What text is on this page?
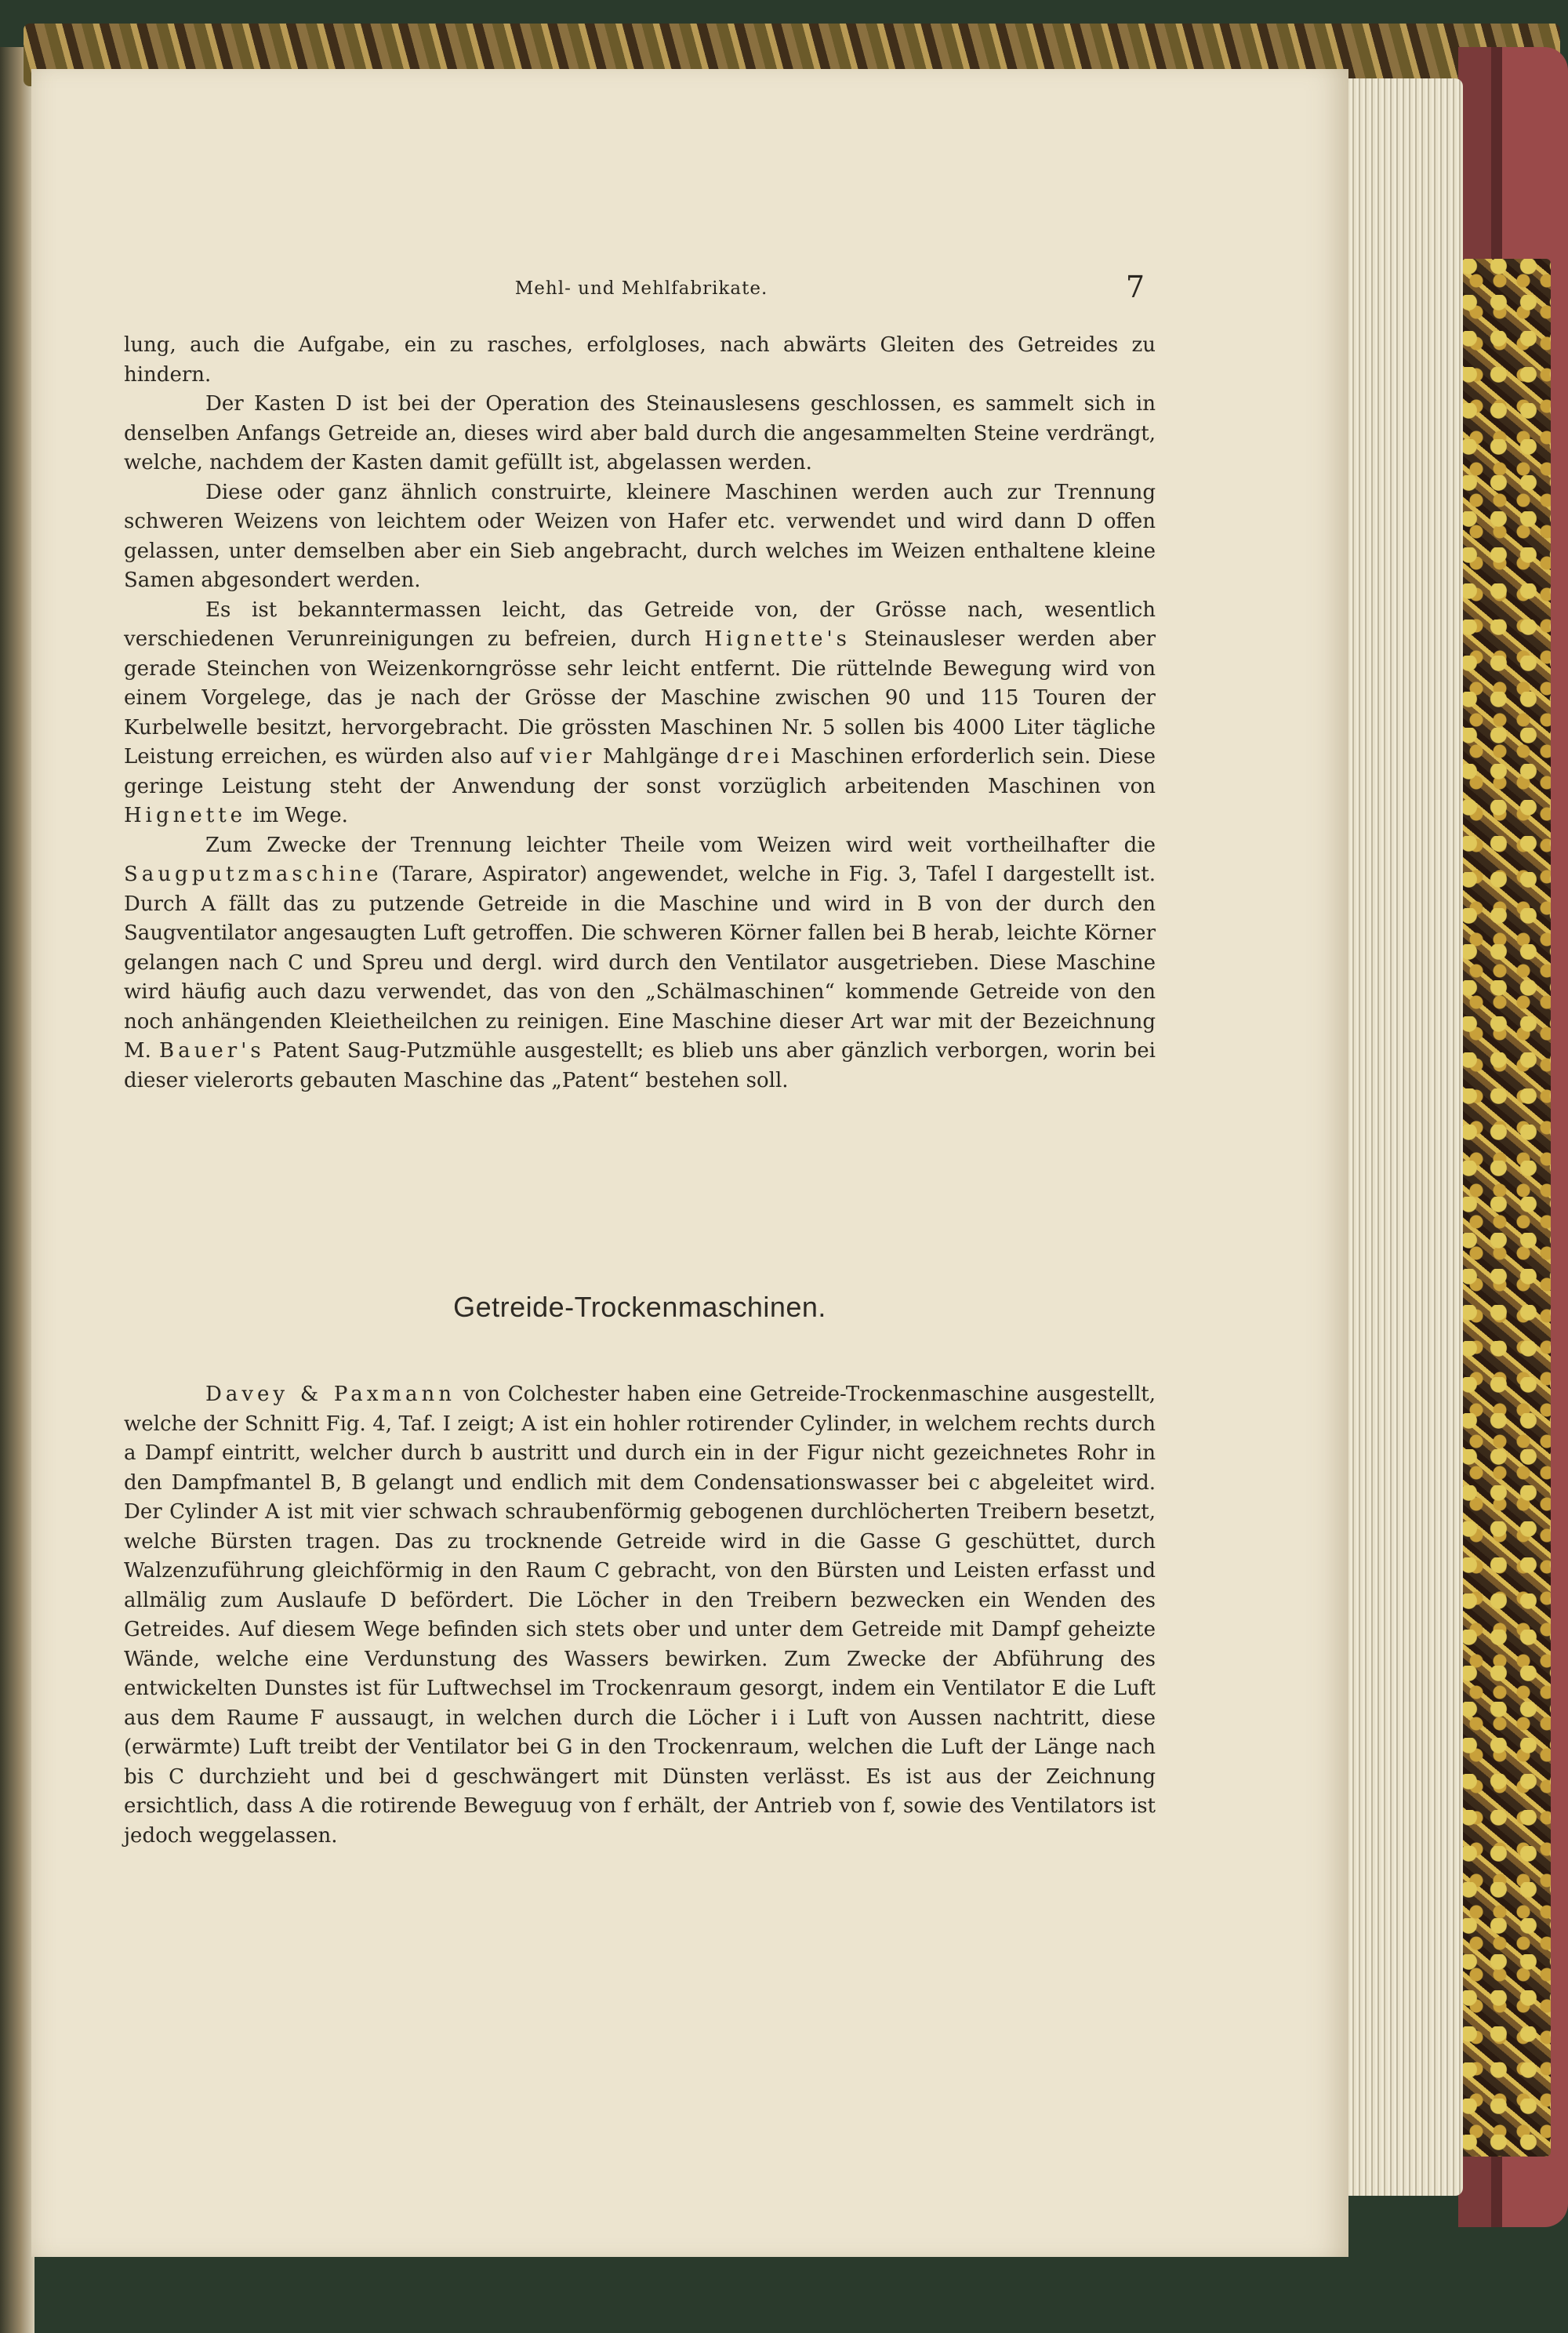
Mehl- und Mehlfabrikate.	7

lung, auch die Aufgabe, ein zu rasches, erfolgloses, nach abwärts Gleiten des Getreides zu hindern.

Der Kasten D ist bei der Operation des Steinauslesens geschlossen, es sammelt sich in denselben Anfangs Getreide an, dieses wird aber bald durch die angesammelten Steine verdrängt, welche, nachdem der Kasten damit gefüllt ist, abgelassen werden.

Diese oder ganz ähnlich construirte, kleinere Maschinen werden auch zur Trennung schweren Weizens von leichtem oder Weizen von Hafer etc. verwendet und wird dann D offen gelassen, unter demselben aber ein Sieb angebracht, durch welches im Weizen enthaltene kleine Samen abgesondert werden.

Es ist bekanntermassen leicht, das Getreide von, der Grösse nach, wesentlich verschiedenen Verunreinigungen zu befreien, durch Hignette's Steinausleser werden aber gerade Steinchen von Weizenkorngrösse sehr leicht entfernt. Die rüttelnde Bewegung wird von einem Vorgelege, das je nach der Grösse der Maschine zwischen 90 und 115 Touren der Kurbelwelle besitzt, hervorgebracht. Die grössten Maschinen Nr. 5 sollen bis 4000 Liter tägliche Leistung erreichen, es würden also auf vier Mahlgänge drei Maschinen erforderlich sein. Diese geringe Leistung steht der Anwendung der sonst vorzüglich arbeitenden Maschinen von Hignette im Wege.

Zum Zwecke der Trennung leichter Theile vom Weizen wird weit vortheilhafter die Saugputzmaschine (Tarare, Aspirator) angewendet, welche in Fig. 3, Tafel I dargestellt ist. Durch A fällt das zu putzende Getreide in die Maschine und wird in B von der durch den Saugventilator angesaugten Luft getroffen. Die schweren Körner fallen bei B herab, leichte Körner gelangen nach C und Spreu und dergl. wird durch den Ventilator ausgetrieben. Diese Maschine wird häufig auch dazu verwendet, das von den „Schälmaschinen“ kommende Getreide von den noch anhängenden Kleietheilchen zu reinigen. Eine Maschine dieser Art war mit der Bezeichnung M. Bauer's Patent Saug-Putzmühle ausgestellt; es blieb uns aber gänzlich verborgen, worin bei dieser vielerorts gebauten Maschine das „Patent“ bestehen soll.

Getreide-Trockenmaschinen.

Davey & Paxmann von Colchester haben eine Getreide-Trockenmaschine ausgestellt, welche der Schnitt Fig. 4, Taf. I zeigt; A ist ein hohler rotirender Cylinder, in welchem rechts durch a Dampf eintritt, welcher durch b austritt und durch ein in der Figur nicht gezeichnetes Rohr in den Dampfmantel B, B gelangt und endlich mit dem Condensationswasser bei c abgeleitet wird. Der Cylinder A ist mit vier schwach schraubenförmig gebogenen durchlöcherten Treibern besetzt, welche Bürsten tragen. Das zu trocknende Getreide wird in die Gasse G geschüttet, durch Walzenzuführung gleichförmig in den Raum C gebracht, von den Bürsten und Leisten erfasst und allmälig zum Auslaufe D befördert. Die Löcher in den Treibern bezwecken ein Wenden des Getreides. Auf diesem Wege befinden sich stets ober und unter dem Getreide mit Dampf geheizte Wände, welche eine Verdunstung des Wassers bewirken. Zum Zwecke der Abführung des entwickelten Dunstes ist für Luftwechsel im Trockenraum gesorgt, indem ein Ventilator E die Luft aus dem Raume F aussaugt, in welchen durch die Löcher i i Luft von Aussen nachtritt, diese (erwärmte) Luft treibt der Ventilator bei G in den Trockenraum, welchen die Luft der Länge nach bis C durchzieht und bei d geschwängert mit Dünsten verlässt. Es ist aus der Zeichnung ersichtlich, dass A die rotirende Beweguug von f erhält, der Antrieb von f, sowie des Ventilators ist jedoch weggelassen.
